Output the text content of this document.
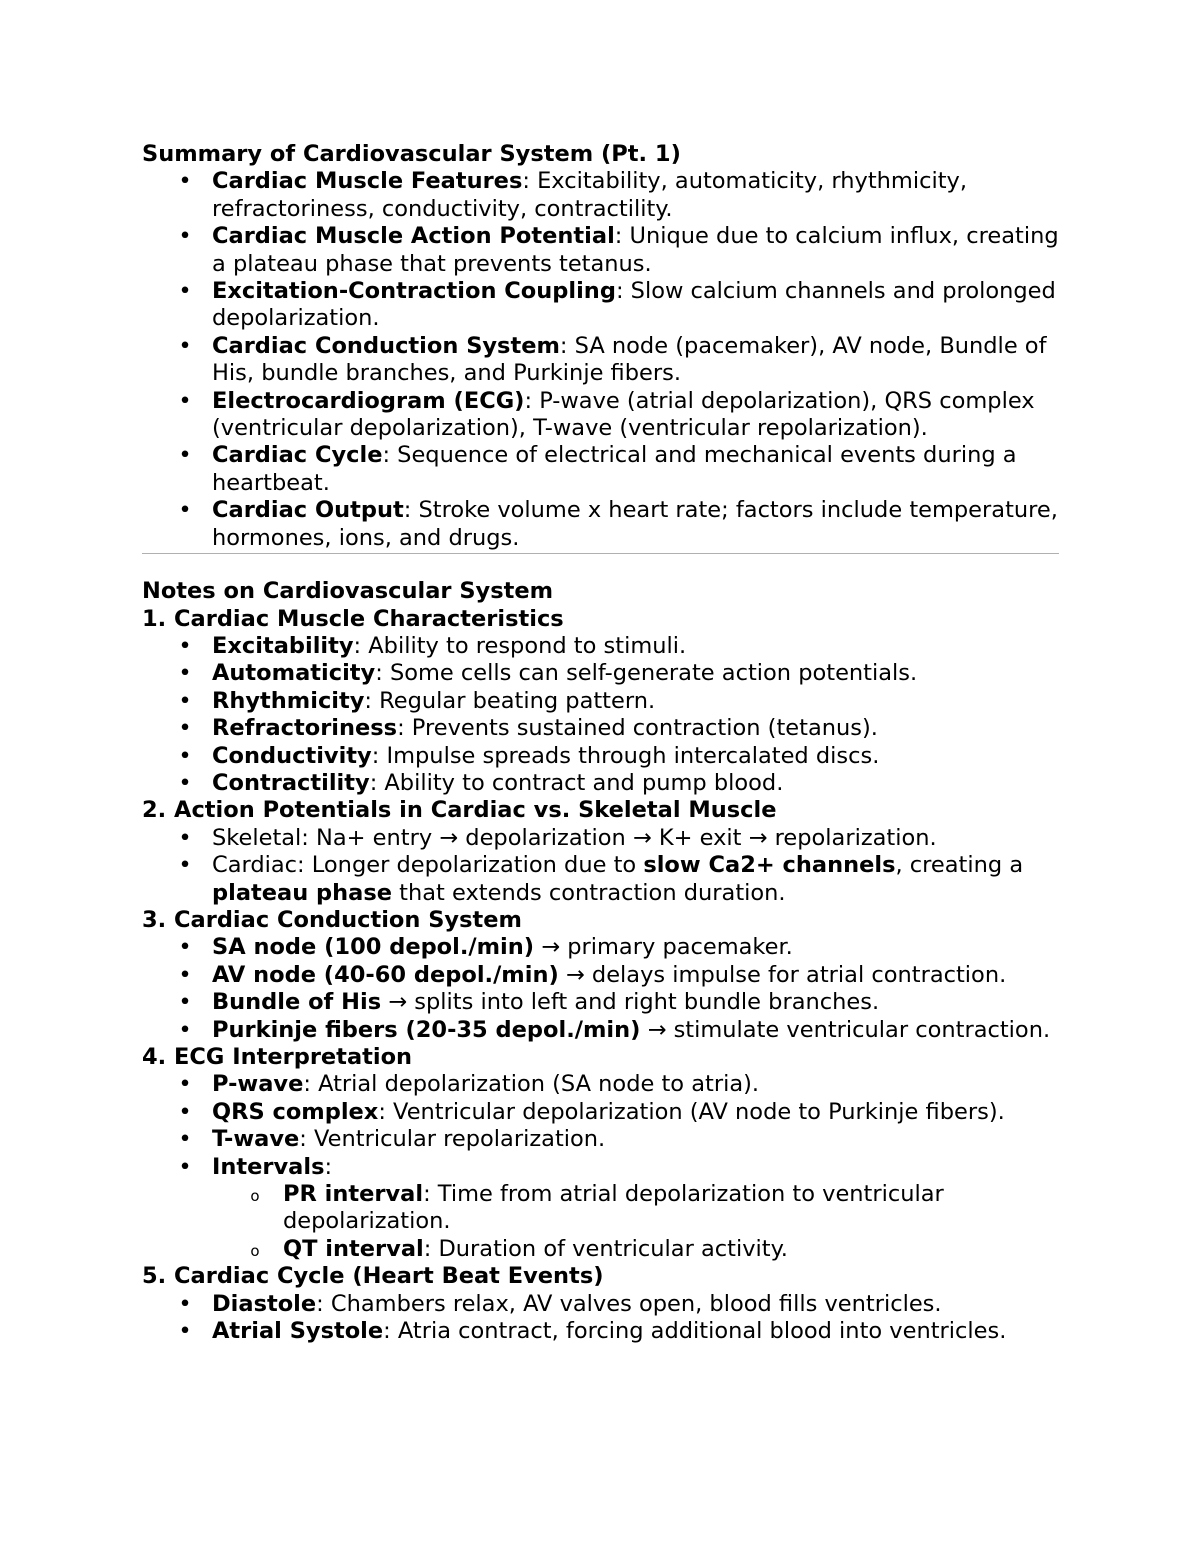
Summary of Cardiovascular System (Pt. 1)
• Cardiac Muscle Features: Excitability, automaticity, rhythmicity, refractoriness, conductivity, contractility.
• Cardiac Muscle Action Potential: Unique due to calcium influx, creating a plateau phase that prevents tetanus.
• Excitation-Contraction Coupling: Slow calcium channels and prolonged depolarization.
• Cardiac Conduction System: SA node (pacemaker), AV node, Bundle of His, bundle branches, and Purkinje fibers.
• Electrocardiogram (ECG): P-wave (atrial depolarization), QRS complex (ventricular depolarization), T-wave (ventricular repolarization).
• Cardiac Cycle: Sequence of electrical and mechanical events during a heartbeat.
• Cardiac Output: Stroke volume x heart rate; factors include temperature, hormones, ions, and drugs.
Notes on Cardiovascular System
1. Cardiac Muscle Characteristics
• Excitability: Ability to respond to stimuli.
• Automaticity: Some cells can self-generate action potentials.
• Rhythmicity: Regular beating pattern.
• Refractoriness: Prevents sustained contraction (tetanus).
• Conductivity: Impulse spreads through intercalated discs.
• Contractility: Ability to contract and pump blood.
2. Action Potentials in Cardiac vs. Skeletal Muscle
• Skeletal: Na+ entry → depolarization → K+ exit → repolarization.
• Cardiac: Longer depolarization due to slow Ca2+ channels, creating a plateau phase that extends contraction duration.
3. Cardiac Conduction System
• SA node (100 depol./min) → primary pacemaker.
• AV node (40-60 depol./min) → delays impulse for atrial contraction.
• Bundle of His → splits into left and right bundle branches.
• Purkinje fibers (20-35 depol./min) → stimulate ventricular contraction.
4. ECG Interpretation
• P-wave: Atrial depolarization (SA node to atria).
• QRS complex: Ventricular depolarization (AV node to Purkinje fibers).
• T-wave: Ventricular repolarization.
• Intervals:
o PR interval: Time from atrial depolarization to ventricular depolarization.
o QT interval: Duration of ventricular activity.
5. Cardiac Cycle (Heart Beat Events)
• Diastole: Chambers relax, AV valves open, blood fills ventricles.
• Atrial Systole: Atria contract, forcing additional blood into ventricles.
